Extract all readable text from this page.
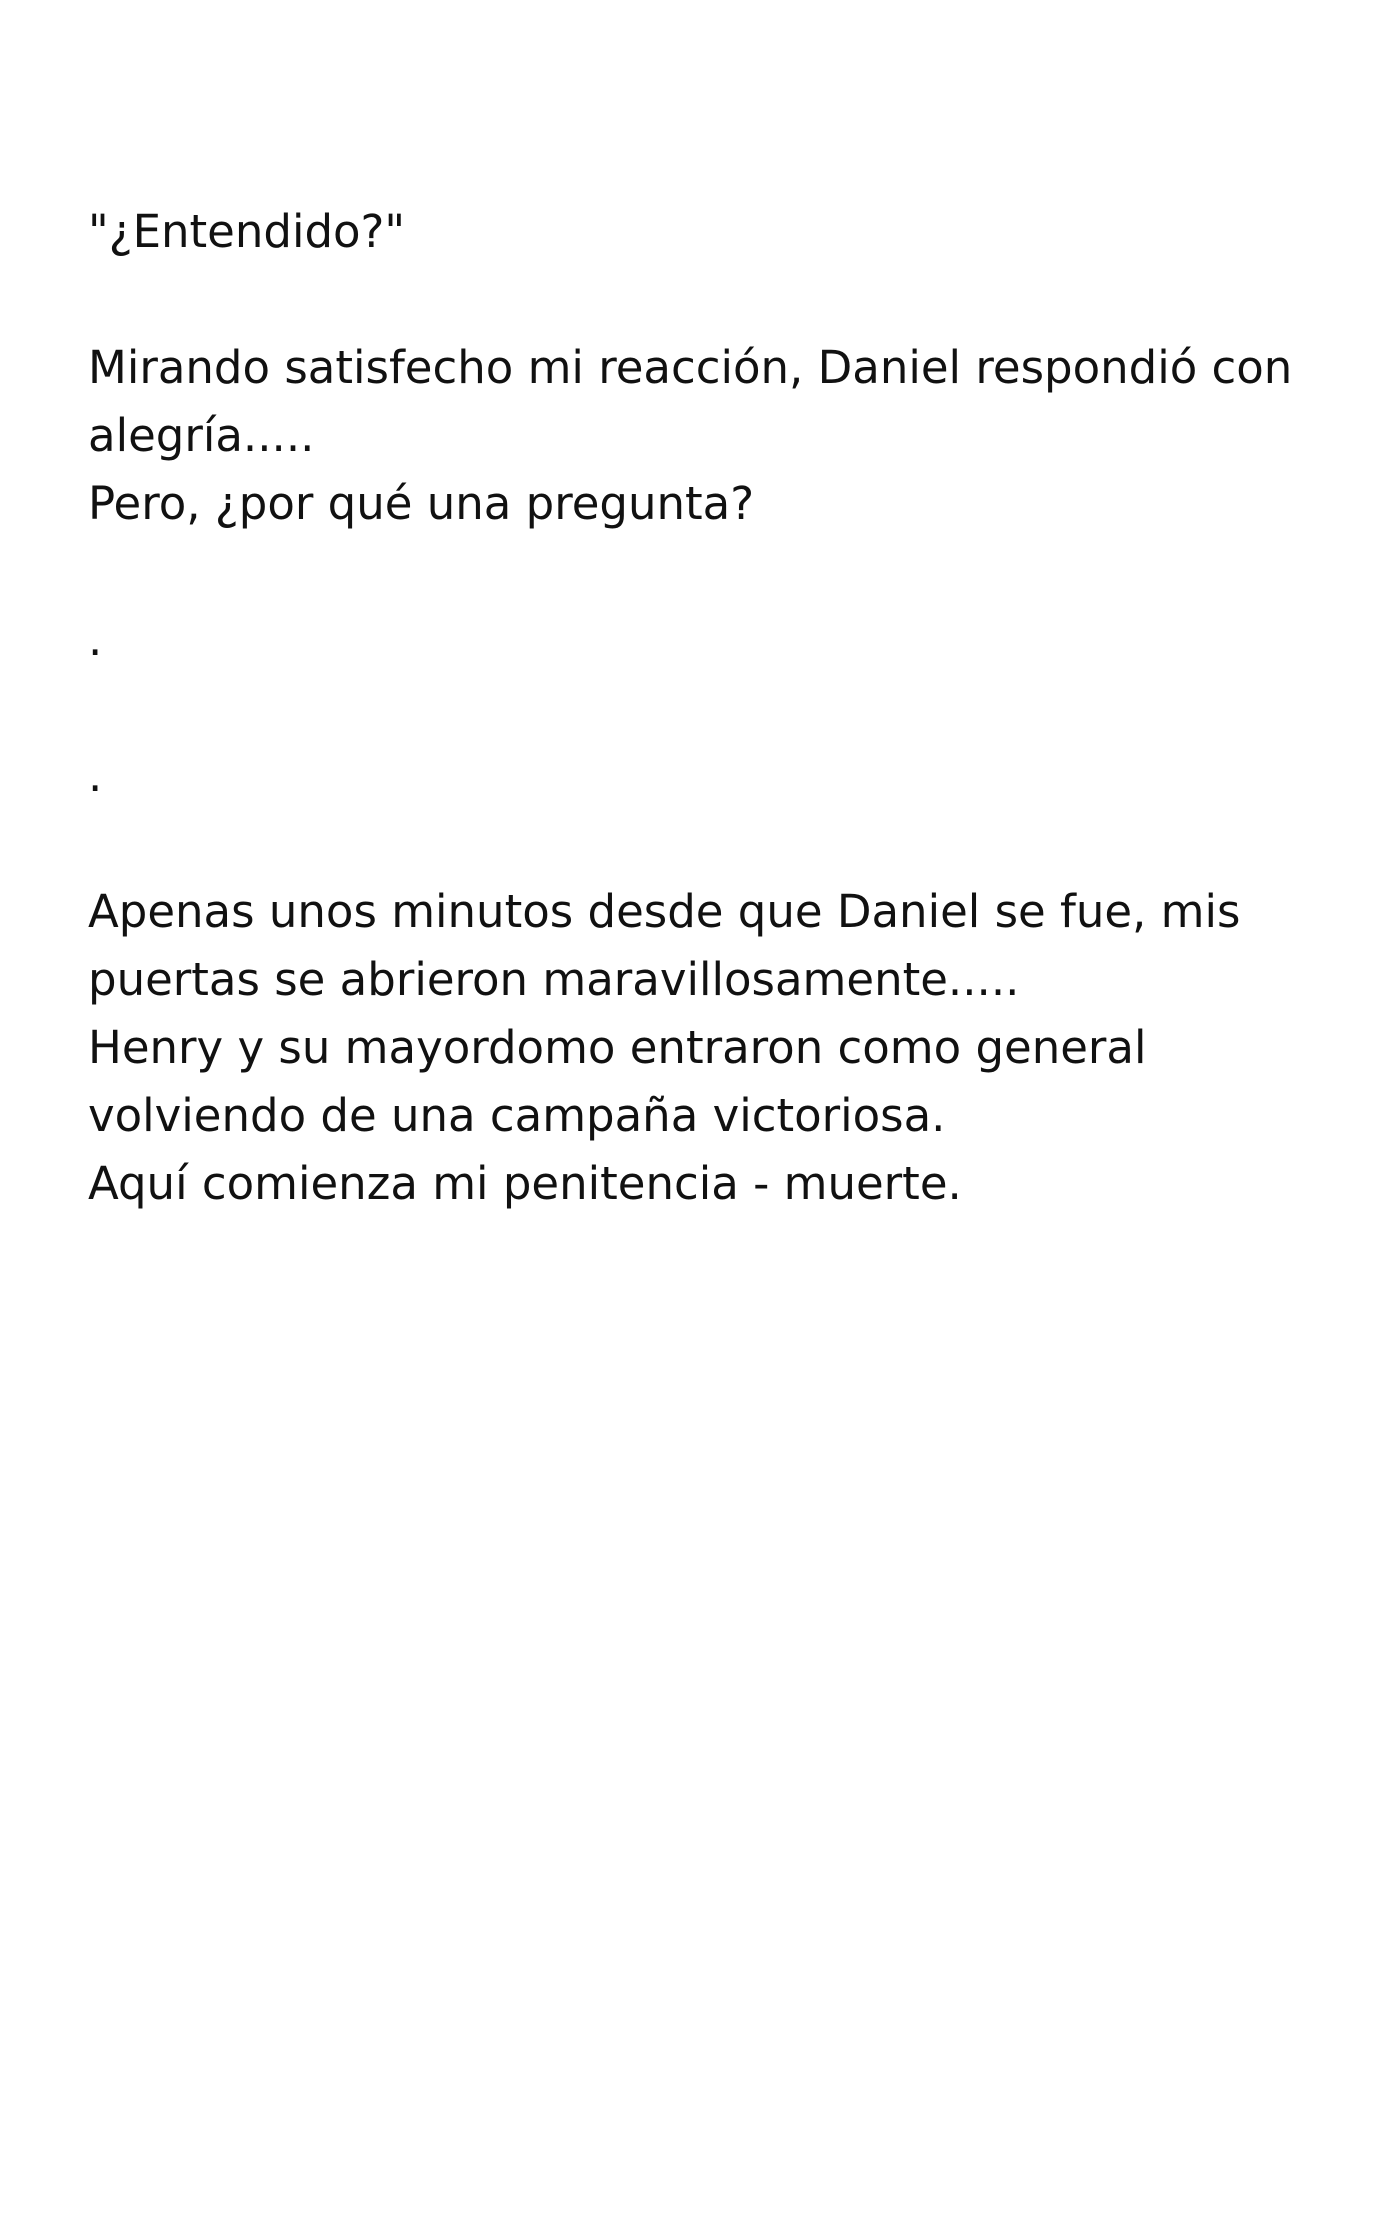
"¿Entendido?"
Mirando satisfecho mi reacción, Daniel respondió con
alegría.....
Pero, ¿por qué una pregunta?
.
.
Apenas unos minutos desde que Daniel se fue, mis
puertas se abrieron maravillosamente.....
Henry y su mayordomo entraron como general
volviendo de una campaña victoriosa.
Aquí comienza mi penitencia - muerte.
